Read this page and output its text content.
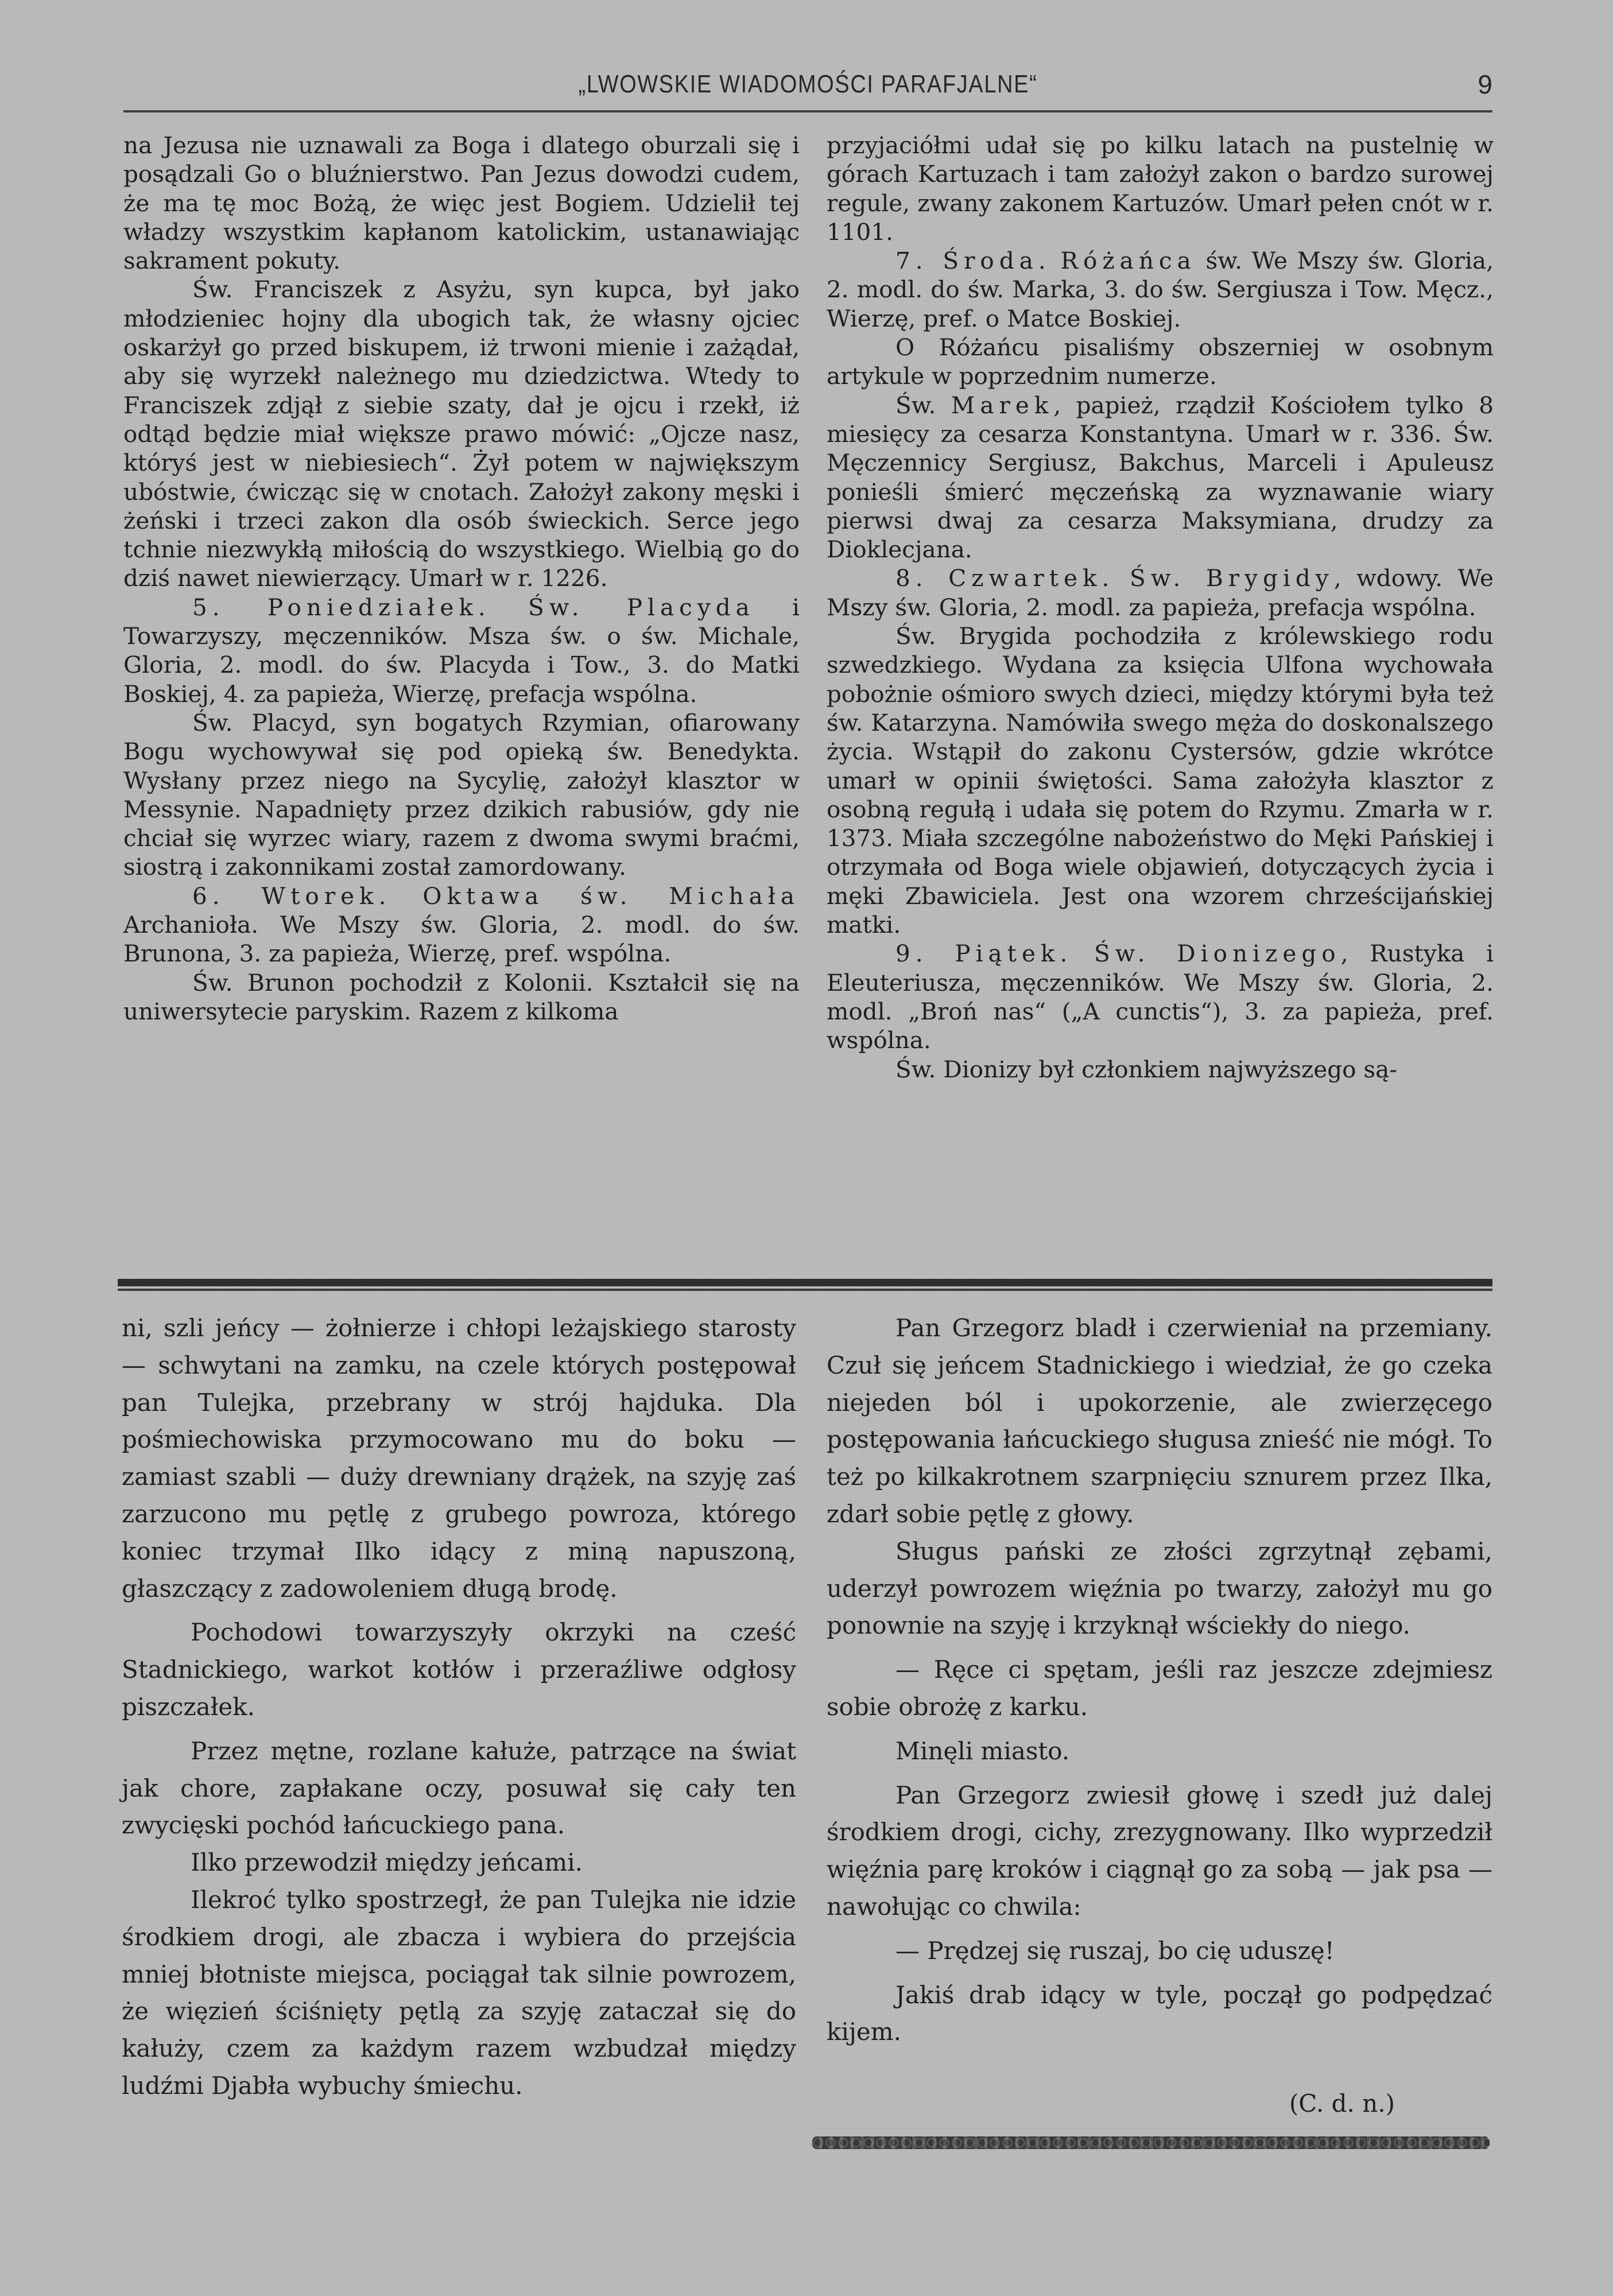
„LWOWSKIE WIADOMOŚCI PARAFJALNE“	9

na Jezusa nie uznawali za Boga i dlatego oburzali się i posądzali Go o bluźnierstwo. Pan Jezus dowodzi cudem, że ma tę moc Bożą, że więc jest Bogiem. Udzielił tej władzy wszystkim kapłanom katolickim, ustanawiając sakrament pokuty.

Św. Franciszek z Asyżu, syn kupca, był jako młodzieniec hojny dla ubogich tak, że własny ojciec oskarżył go przed biskupem, iż trwoni mienie i zażądał, aby się wyrzekł należnego mu dziedzictwa. Wtedy to Franciszek zdjął z siebie szaty, dał je ojcu i rzekł, iż odtąd będzie miał większe prawo mówić: „Ojcze nasz, któryś jest w niebiesiech“. Żył potem w największym ubóstwie, ćwicząc się w cnotach. Założył zakony męski i żeński i trzeci zakon dla osób świeckich. Serce jego tchnie niezwykłą miłością do wszystkiego. Wielbią go do dziś nawet niewierzący. Umarł w r. 1226.

5. Poniedziałek. Św. Placyda i Towarzyszy, męczenników. Msza św. o św. Michale, Gloria, 2. modl. do św. Placyda i Tow., 3. do Matki Boskiej, 4. za papieża, Wierzę, prefacja wspólna.

Św. Placyd, syn bogatych Rzymian, ofiarowany Bogu wychowywał się pod opieką św. Benedykta. Wysłany przez niego na Sycylię, założył klasztor w Messynie. Napadnięty przez dzikich rabusiów, gdy nie chciał się wyrzec wiary, razem z dwoma swymi braćmi, siostrą i zakonnikami został zamordowany.

6. Wtorek. Oktawa św. Michała Archanioła. We Mszy św. Gloria, 2. modl. do św. Brunona, 3. za papieża, Wierzę, pref. wspólna.

Św. Brunon pochodził z Kolonii. Kształcił się na uniwersytecie paryskim. Razem z kilkoma

przyjaciółmi udał się po kilku latach na pustelnię w górach Kartuzach i tam założył zakon o bardzo surowej regule, zwany zakonem Kartuzów. Umarł pełen cnót w r. 1101.

7. Środa. Różańca św. We Mszy św. Gloria, 2. modl. do św. Marka, 3. do św. Sergiusza i Tow. Męcz., Wierzę, pref. o Matce Boskiej.

O Różańcu pisaliśmy obszerniej w osobnym artykule w poprzednim numerze.

Św. Marek, papież, rządził Kościołem tylko 8 miesięcy za cesarza Konstantyna. Umarł w r. 336. Św. Męczennicy Sergiusz, Bakchus, Marceli i Apuleusz ponieśli śmierć męczeńską za wyznawanie wiary pierwsi dwaj za cesarza Maksymiana, drudzy za Dioklecjana.

8. Czwartek. Św. Brygidy, wdowy. We Mszy św. Gloria, 2. modl. za papieża, prefacja wspólna.

Św. Brygida pochodziła z królewskiego rodu szwedzkiego. Wydana za księcia Ulfona wychowała pobożnie ośmioro swych dzieci, między którymi była też św. Katarzyna. Namówiła swego męża do doskonalszego życia. Wstąpił do zakonu Cystersów, gdzie wkrótce umarł w opinii świętości. Sama założyła klasztor z osobną regułą i udała się potem do Rzymu. Zmarła w r. 1373. Miała szczególne nabożeństwo do Męki Pańskiej i otrzymała od Boga wiele objawień, dotyczących życia i męki Zbawiciela. Jest ona wzorem chrześcijańskiej matki.

9. Piątek. Św. Dionizego, Rustyka i Eleuteriusza, męczenników. We Mszy św. Gloria, 2. modl. „Broń nas“ („A cunctis“), 3. za papieża, pref. wspólna.

Św. Dionizy był członkiem najwyższego są-

ni, szli jeńcy — żołnierze i chłopi leżajskiego starosty — schwytani na zamku, na czele których postępował pan Tulejka, przebrany w strój hajduka. Dla pośmiechowiska przymocowano mu do boku — zamiast szabli — duży drewniany drążek, na szyję zaś zarzucono mu pętlę z grubego powroza, którego koniec trzymał Ilko idący z miną napuszoną, głaszczący z zadowoleniem długą brodę.

Pochodowi towarzyszyły okrzyki na cześć Stadnickiego, warkot kotłów i przeraźliwe odgłosy piszczałek.

Przez mętne, rozlane kałuże, patrzące na świat jak chore, zapłakane oczy, posuwał się cały ten zwycięski pochód łańcuckiego pana.

Ilko przewodził między jeńcami.

Ilekroć tylko spostrzegł, że pan Tulejka nie idzie środkiem drogi, ale zbacza i wybiera do przejścia mniej błotniste miejsca, pociągał tak silnie powrozem, że więzień ściśnięty pętlą za szyję zataczał się do kałuży, czem za każdym razem wzbudzał między ludźmi Djabła wybuchy śmiechu.

Pan Grzegorz bladł i czerwieniał na przemiany. Czuł się jeńcem Stadnickiego i wiedział, że go czeka niejeden ból i upokorzenie, ale zwierzęcego postępowania łańcuckiego sługusa znieść nie mógł. To też po kilkakrotnem szarpnięciu sznurem przez Ilka, zdarł sobie pętlę z głowy.

Sługus pański ze złości zgrzytnął zębami, uderzył powrozem więźnia po twarzy, założył mu go ponownie na szyję i krzyknął wściekły do niego.

— Ręce ci spętam, jeśli raz jeszcze zdejmiesz sobie obrożę z karku.

Minęli miasto.

Pan Grzegorz zwiesił głowę i szedł już dalej środkiem drogi, cichy, zrezygnowany. Ilko wyprzedził więźnia parę kroków i ciągnął go za sobą — jak psa — nawołując co chwila:

— Prędzej się ruszaj, bo cię uduszę!

Jakiś drab idący w tyle, począł go podpędzać kijem.

(C. d. n.)
